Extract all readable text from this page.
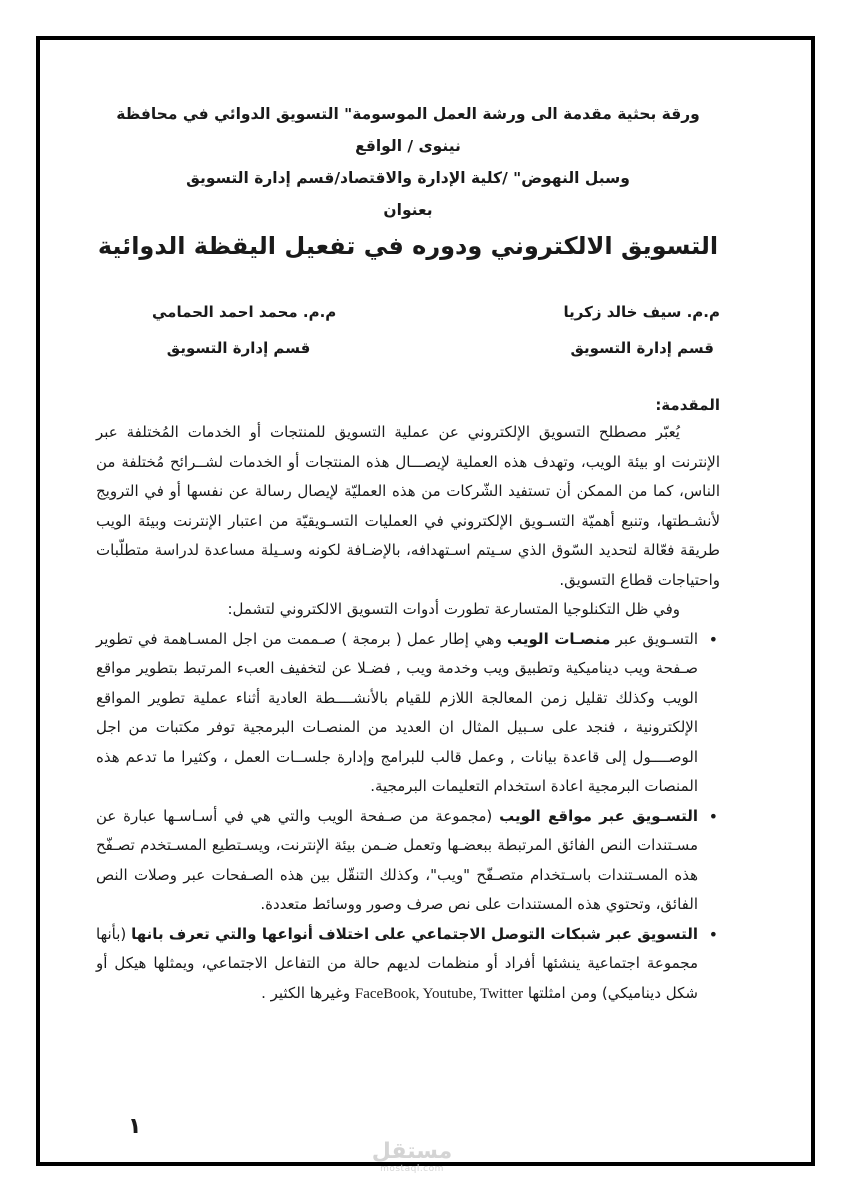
ورقة بحثية مقدمة الى ورشة العمل الموسومة" التسويق الدوائي في محافظة نينوى / الواقع
وسبل النهوض" /كلية الإدارة والاقتصاد/قسم إدارة التسويق
بعنوان
التسويق الالكتروني ودوره في تفعيل اليقظة الدوائية
م.م. سيف خالد زكريا
قسم إدارة التسويق
م.م. محمد احمد الحمامي
قسم إدارة التسويق
المقدمة:

يُعبّر مصطلح التسويق الإلكتروني عن عملية التسويق للمنتجات أو الخدمات المُختلفة عبر الإنترنت او بيئة الويب، وتهدف هذه العملية لإيصـــال هذه المنتجات أو الخدمات لشــرائح مُختلفة من الناس، كما من الممكن أن تستفيد الشّركات من هذه العمليّة لإيصال رسالة عن نفسها أو في الترويج لأنشـطتها، وتنبع أهميّة التسـويق الإلكتروني في العمليات التسـويقيّة من اعتبار الإنترنت وبيئة الويب طريقة فعّالة لتحديد السّوق الذي سـيتم اسـتهدافه، بالإضـافة لكونه وسـيلة مساعدة لدراسة متطلّبات واحتياجات قطاع التسويق.

وفي ظل التكنلوجيا المتسارعة تطورت أدوات التسويق الالكتروني لتشمل:

• التسـويق عبر منصـات الويب وهي إطار عمل ( برمجة ) صـممت من اجل المسـاهمة في تطوير صـفحة ويب ديناميكية وتطبيق ويب وخدمة ويب , فضـلا عن لتخفيف العبء المرتبط بتطوير مواقع الويب وكذلك تقليل زمن المعالجة اللازم للقيام بالأنشــــطة العادية أثناء عملية تطوير المواقع الإلكترونية ، فنجد على سـبيل المثال ان العديد من المنصـات البرمجية توفر مكتبات من اجل الوصــــول إلى قاعدة بيانات , وعمل قالب للبرامج وإدارة جلســات العمل ، وكثيرا ما تدعم هذه المنصات البرمجية اعادة استخدام التعليمات البرمجية.
• التسـويق عبر مواقع الويب (مجموعة من صـفحة الويب والتي هي في أسـاسـها عبارة عن مسـتندات النص الفائق المرتبطة ببعضـها وتعمل ضـمن بيئة الإنترنت، ويسـتطيع المسـتخدم تصـفّح هذه المسـتندات باسـتخدام متصـفّح "ويب"، وكذلك التنقّل بين هذه الصـفحات عبر وصلات النص الفائق، وتحتوي هذه المستندات على نص صرف وصور ووسائط متعددة.
• التسويق عبر شبكات التوصل الاجتماعي على اختلاف أنواعها والتي تعرف بانها (بأنها مجموعة اجتماعية ينشئها أفراد أو منظمات لديهم حالة من التفاعل الاجتماعي، ويمثلها هيكل أو شكل ديناميكي) ومن امثلتها FaceBook, Youtube, Twitter وغيرها الكثير .
١
مستقل
mostaql.com
